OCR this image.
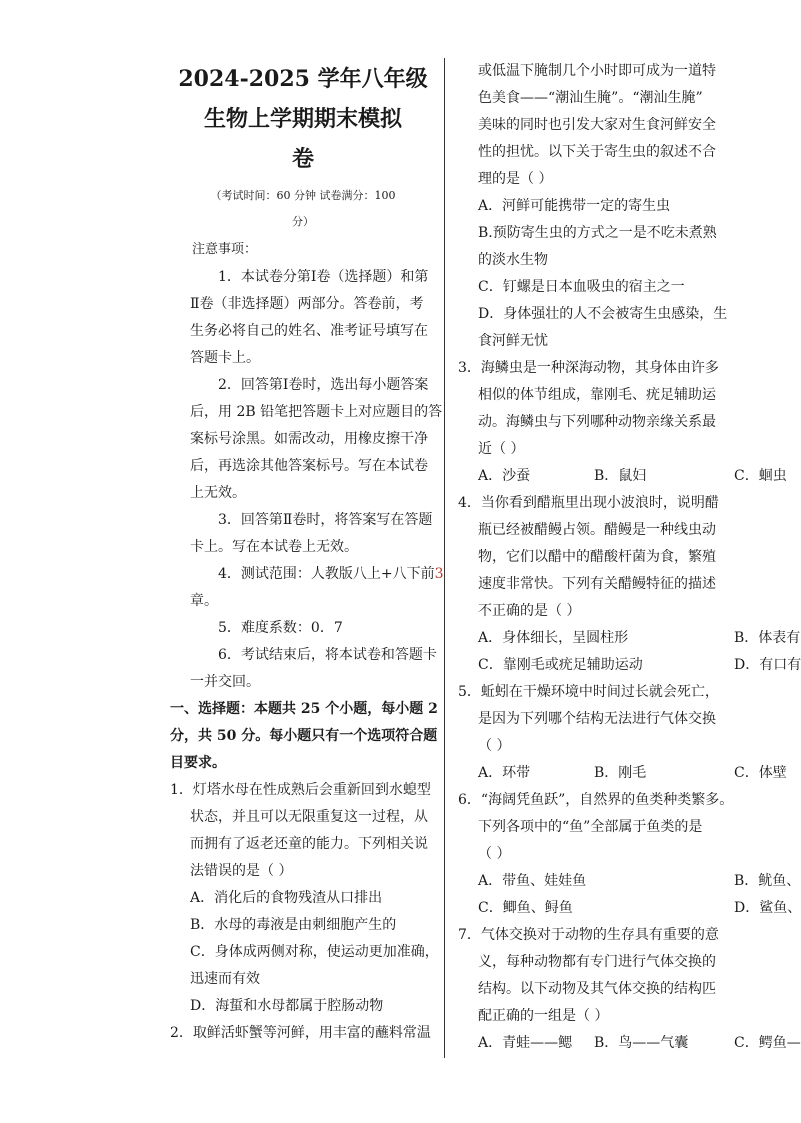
2024-2025 学年八年级
生物上学期期末模拟
卷
（考试时间：60 分钟 试卷满分：100
分）
注意事项：
1．本试卷分第Ⅰ卷（选择题）和第
Ⅱ卷（非选择题）两部分。答卷前，考
生务必将自己的姓名、准考证号填写在
答题卡上。
2．回答第Ⅰ卷时，选出每小题答案
后，用 2B 铅笔把答题卡上对应题目的答
案标号涂黑。如需改动，用橡皮擦干净
后，再选涂其他答案标号。写在本试卷
上无效。
3．回答第Ⅱ卷时，将答案写在答题
卡上。写在本试卷上无效。
4．测试范围：人教版八上+八下前3
章。
5．难度系数：0．7
6．考试结束后，将本试卷和答题卡
一并交回。
一、选择题：本题共 25 个小题，每小题 2
分，共 50 分。每小题只有一个选项符合题
目要求。
1．灯塔水母在性成熟后会重新回到水螅型
状态，并且可以无限重复这一过程，从
而拥有了返老还童的能力。下列相关说
法错误的是（ ）
A．消化后的食物残渣从口排出
B．水母的毒液是由刺细胞产生的
C．身体成两侧对称，使运动更加准确，
迅速而有效
D．海蜇和水母都属于腔肠动物
2．取鲜活虾蟹等河鲜，用丰富的蘸料常温
或低温下腌制几个小时即可成为一道特
色美食——“潮汕生腌”。“潮汕生腌”
美味的同时也引发大家对生食河鲜安全
性的担忧。以下关于寄生虫的叙述不合
理的是（ ）
A．河鲜可能携带一定的寄生虫
B.预防寄生虫的方式之一是不吃未煮熟
的淡水生物
C．钉螺是日本血吸虫的宿主之一
D．身体强壮的人不会被寄生虫感染，生
食河鲜无忧
3．海鳞虫是一种深海动物，其身体由许多
相似的体节组成，靠刚毛、疣足辅助运
动。海鳞虫与下列哪种动物亲缘关系最
近（ ）
A．沙蚕	B．鼠妇	C．蛔虫
4．当你看到醋瓶里出现小波浪时，说明醋
瓶已经被醋鳗占领。醋鳗是一种线虫动
物，它们以醋中的醋酸杆菌为食，繁殖
速度非常快。下列有关醋鳗特征的描述
不正确的是（ ）
A．身体细长，呈圆柱形	B．体表有
C．靠刚毛或疣足辅助运动	D．有口有
5．蚯蚓在干燥环境中时间过长就会死亡，
是因为下列哪个结构无法进行气体交换
（ ）
A．环带	B．刚毛	C．体壁
6．“海阔凭鱼跃”，自然界的鱼类种类繁多。
下列各项中的“鱼”全部属于鱼类的是
（ ）
A．带鱼、娃娃鱼	B．鱿鱼、
C．鲫鱼、鲟鱼	D．鲨鱼、
7．气体交换对于动物的生存具有重要的意
义，每种动物都有专门进行气体交换的
结构。以下动物及其气体交换的结构匹
配正确的一组是（ ）
A．青蛙——鳃 B．鸟——气囊	C．鳄鱼—
